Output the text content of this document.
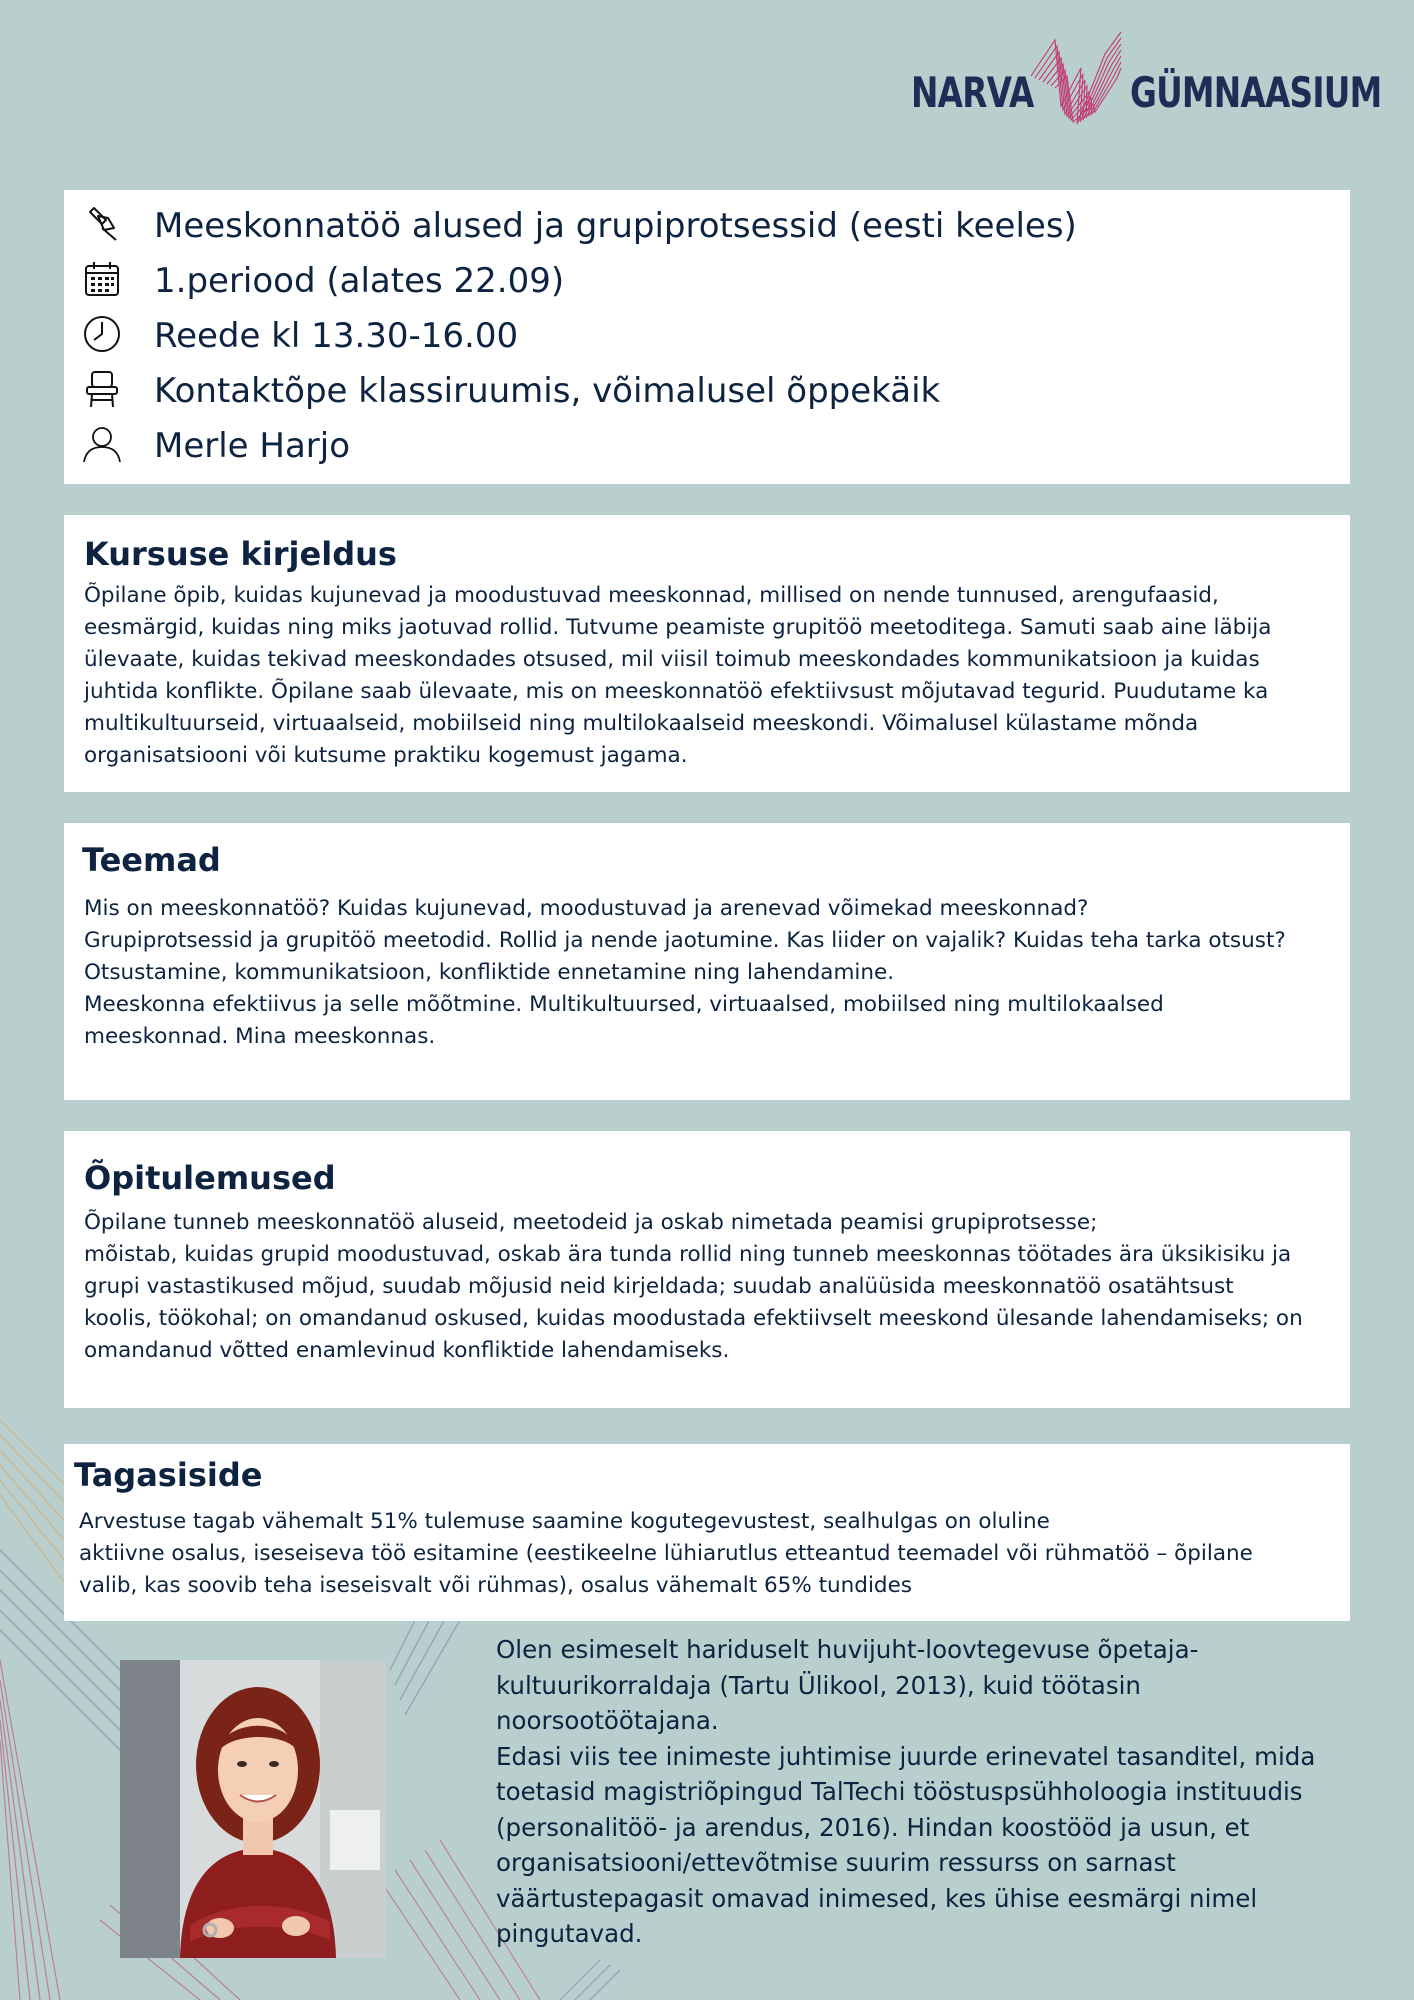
NARVA GÜMNAASIUM
Meeskonnatöö alused ja grupiprotsessid (eesti keeles)
1.periood (alates 22.09)
Reede kl 13.30-16.00
Kontaktõpe klassiruumis, võimalusel õppekäik
Merle Harjo
Kursuse kirjeldus
Õpilane õpib, kuidas kujunevad ja moodustuvad meeskonnad, millised on nende tunnused, arengufaasid,
eesmärgid, kuidas ning miks jaotuvad rollid. Tutvume peamiste grupitöö meetoditega. Samuti saab aine läbija
ülevaate, kuidas tekivad meeskondades otsused, mil viisil toimub meeskondades kommunikatsioon ja kuidas
juhtida konflikte. Õpilane saab ülevaate, mis on meeskonnatöö efektiivsust mõjutavad tegurid. Puudutame ka
multikultuurseid, virtuaalseid, mobiilseid ning multilokaalseid meeskondi. Võimalusel külastame mõnda
organisatsiooni või kutsume praktiku kogemust jagama.
Teemad
Mis on meeskonnatöö? Kuidas kujunevad, moodustuvad ja arenevad võimekad meeskonnad?
Grupiprotsessid ja grupitöö meetodid. Rollid ja nende jaotumine. Kas liider on vajalik? Kuidas teha tarka otsust?
Otsustamine, kommunikatsioon, konfliktide ennetamine ning lahendamine.
Meeskonna efektiivus ja selle mõõtmine. Multikultuursed, virtuaalsed, mobiilsed ning multilokaalsed
meeskonnad. Mina meeskonnas.
Õpitulemused
Õpilane tunneb meeskonnatöö aluseid, meetodeid ja oskab nimetada peamisi grupiprotsesse;
mõistab, kuidas grupid moodustuvad, oskab ära tunda rollid ning tunneb meeskonnas töötades ära üksikisiku ja
grupi vastastikused mõjud, suudab mõjusid neid kirjeldada; suudab analüüsida meeskonnatöö osatähtsust
koolis, töökohal; on omandanud oskused, kuidas moodustada efektiivselt meeskond ülesande lahendamiseks; on
omandanud võtted enamlevinud konfliktide lahendamiseks.
Tagasiside
Arvestuse tagab vähemalt 51% tulemuse saamine kogutegevustest, sealhulgas on oluline
aktiivne osalus, iseseiseva töö esitamine (eestikeelne lühiarutlus etteantud teemadel või rühmatöö – õpilane
valib, kas soovib teha iseseisvalt või rühmas), osalus vähemalt 65% tundides
Olen esimeselt hariduselt huvijuht-loovtegevuse õpetaja-
kultuurikorraldaja (Tartu Ülikool, 2013), kuid töötasin
noorsootöötajana.
Edasi viis tee inimeste juhtimise juurde erinevatel tasanditel, mida
toetasid magistriõpingud TalTechi tööstuspsühholoogia instituudis
(personalitöö- ja arendus, 2016). Hindan koostööd ja usun, et
organisatsiooni/ettevõtmise suurim ressurss on sarnast
väärtustepagasit omavad inimesed, kes ühise eesmärgi nimel
pingutavad.
